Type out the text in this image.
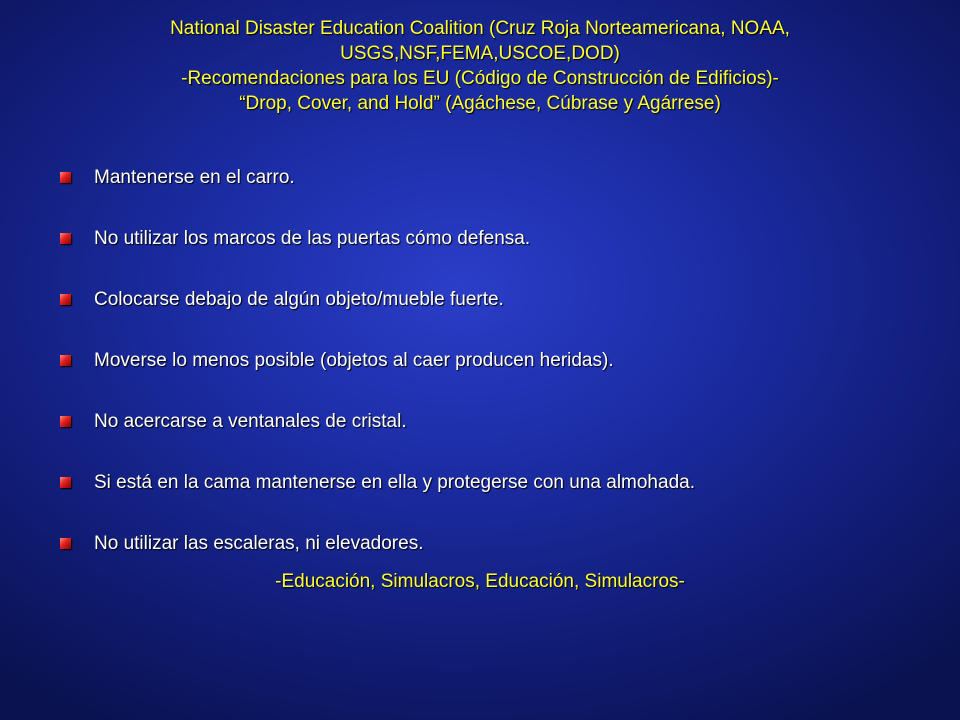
National Disaster Education Coalition (Cruz Roja Norteamericana, NOAA,
USGS,NSF,FEMA,USCOE,DOD)
-Recomendaciones para los EU (Código de Construcción de Edificios)-
“Drop, Cover, and Hold” (Agáchese, Cúbrase y Agárrese)
Mantenerse en el carro.
No utilizar los marcos de las puertas cómo defensa.
Colocarse debajo de algún objeto/mueble fuerte.
Moverse lo menos posible (objetos al caer producen heridas).
No acercarse a ventanales de cristal.
Si está en la cama mantenerse en ella y protegerse con una almohada.
No utilizar las escaleras, ni elevadores.
-Educación, Simulacros, Educación, Simulacros-
